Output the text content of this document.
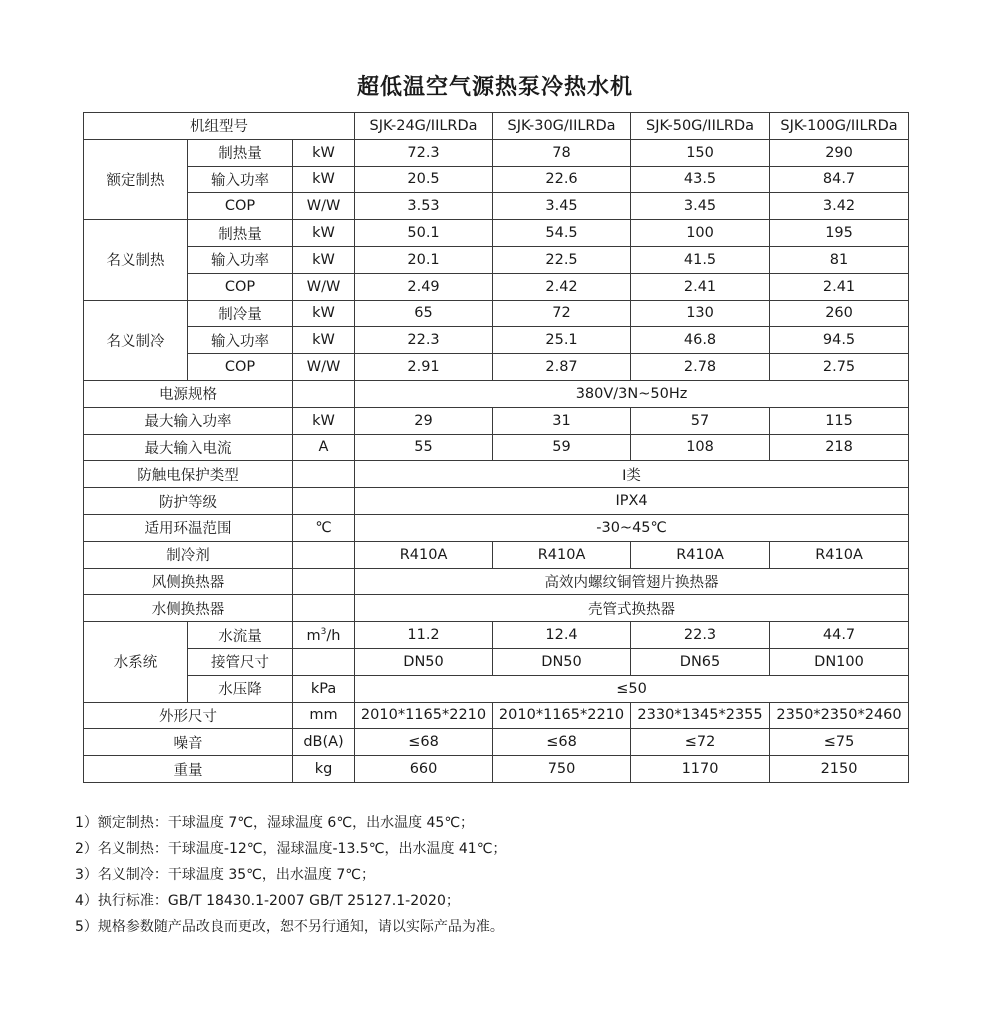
超低温空气源热泵冷热水机
机组型号			SJK-24G/IILRDa	SJK-30G/IILRDa	SJK-50G/IILRDa	SJK-100G/IILRDa
额定制热	制热量	kW	72.3	78	150	290
	输入功率	kW	20.5	22.6	43.5	84.7
	COP	W/W	3.53	3.45	3.45	3.42
名义制热	制热量	kW	50.1	54.5	100	195
	输入功率	kW	20.1	22.5	41.5	81
	COP	W/W	2.49	2.42	2.41	2.41
名义制冷	制冷量	kW	65	72	130	260
	输入功率	kW	22.3	25.1	46.8	94.5
	COP	W/W	2.91	2.87	2.78	2.75
电源规格			380V/3N~50Hz			
最大输入功率		kW	29	31	57	115
最大输入电流		A	55	59	108	218
防触电保护类型			I类			
防护等级			IPX4			
适用环温范围		℃	-30~45℃			
制冷剂			R410A	R410A	R410A	R410A
风侧换热器			高效内螺纹铜管翅片换热器			
水侧换热器			壳管式换热器			
水系统	水流量	$m^3/h$	11.2	12.4	22.3	44.7
	接管尺寸		DN50	DN50	DN65	DN100
	水压降	kPa	≤50			
外形尺寸		mm	2010*1165*2210	2010*1165*2210	2330*1345*2355	2350*2350*2460
噪音		dB(A)	≤68	≤68	≤72	≤75
重量		kg	660	750	1170	2150
1）额定制热：干球温度 7℃，湿球温度 6℃，出水温度 45℃；
2）名义制热：干球温度-12℃，湿球温度-13.5℃，出水温度 41℃；
3）名义制冷：干球温度 35℃，出水温度 7℃；
4）执行标准：GB/T 18430.1-2007 GB/T 25127.1-2020；
5）规格参数随产品改良而更改，恕不另行通知，请以实际产品为准。
